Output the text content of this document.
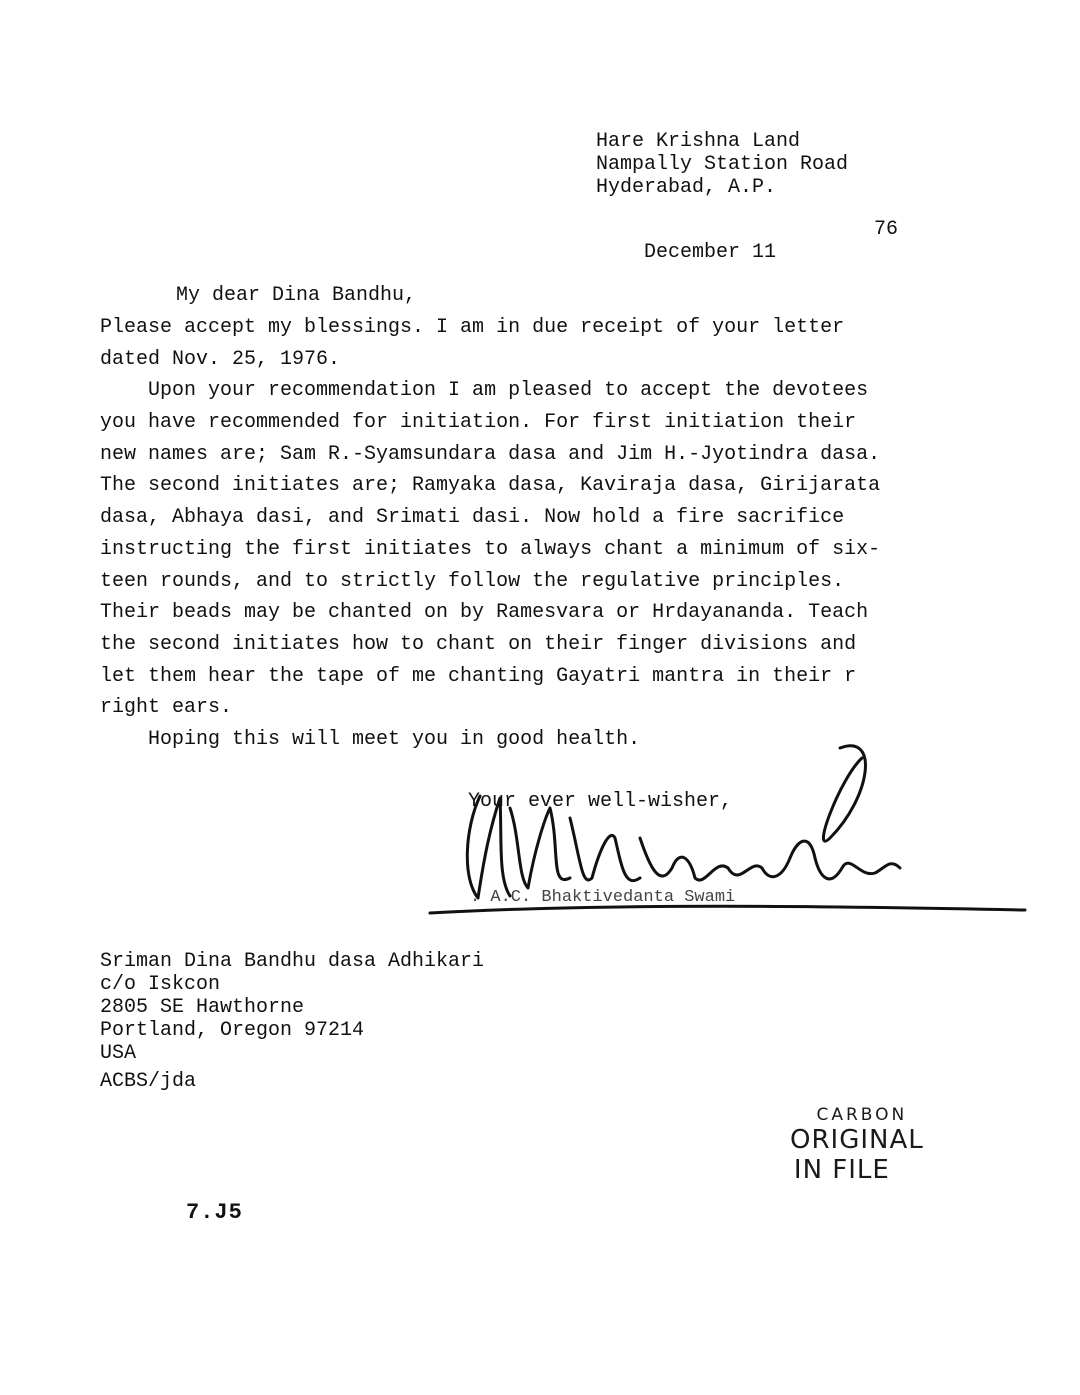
Hare Krishna Land
Nampally Station Road
Hyderabad, A.P.

December 11

76

My dear Dina Bandhu,
Please accept my blessings. I am in due receipt of your letter
dated Nov. 25, 1976.
Upon your recommendation I am pleased to accept the devotees
you have recommended for initiation. For first initiation their
new names are; Sam R.-Syamsundara dasa and Jim H.-Jyotindra dasa.
The second initiates are; Ramyaka dasa, Kaviraja dasa, Girijarata
dasa, Abhaya dasi, and Srimati dasi. Now hold a fire sacrifice
instructing the first initiates to always chant a minimum of six-
teen rounds, and to strictly follow the regulative principles.
Their beads may be chanted on by Ramesvara or Hrdayananda. Teach
the second initiates how to chant on their finger divisions and
let them hear the tape of me chanting Gayatri mantra in their r
right ears.
Hoping this will meet you in good health.
Your ever well-wisher,
. A.C. Bhaktivedanta Swami
Sriman Dina Bandhu dasa Adhikari
c/o Iskcon
2805 SE Hawthorne
Portland, Oregon 97214
USA
ACBS/jda
CARBON
ORIGINAL
IN FILE
7.J5
